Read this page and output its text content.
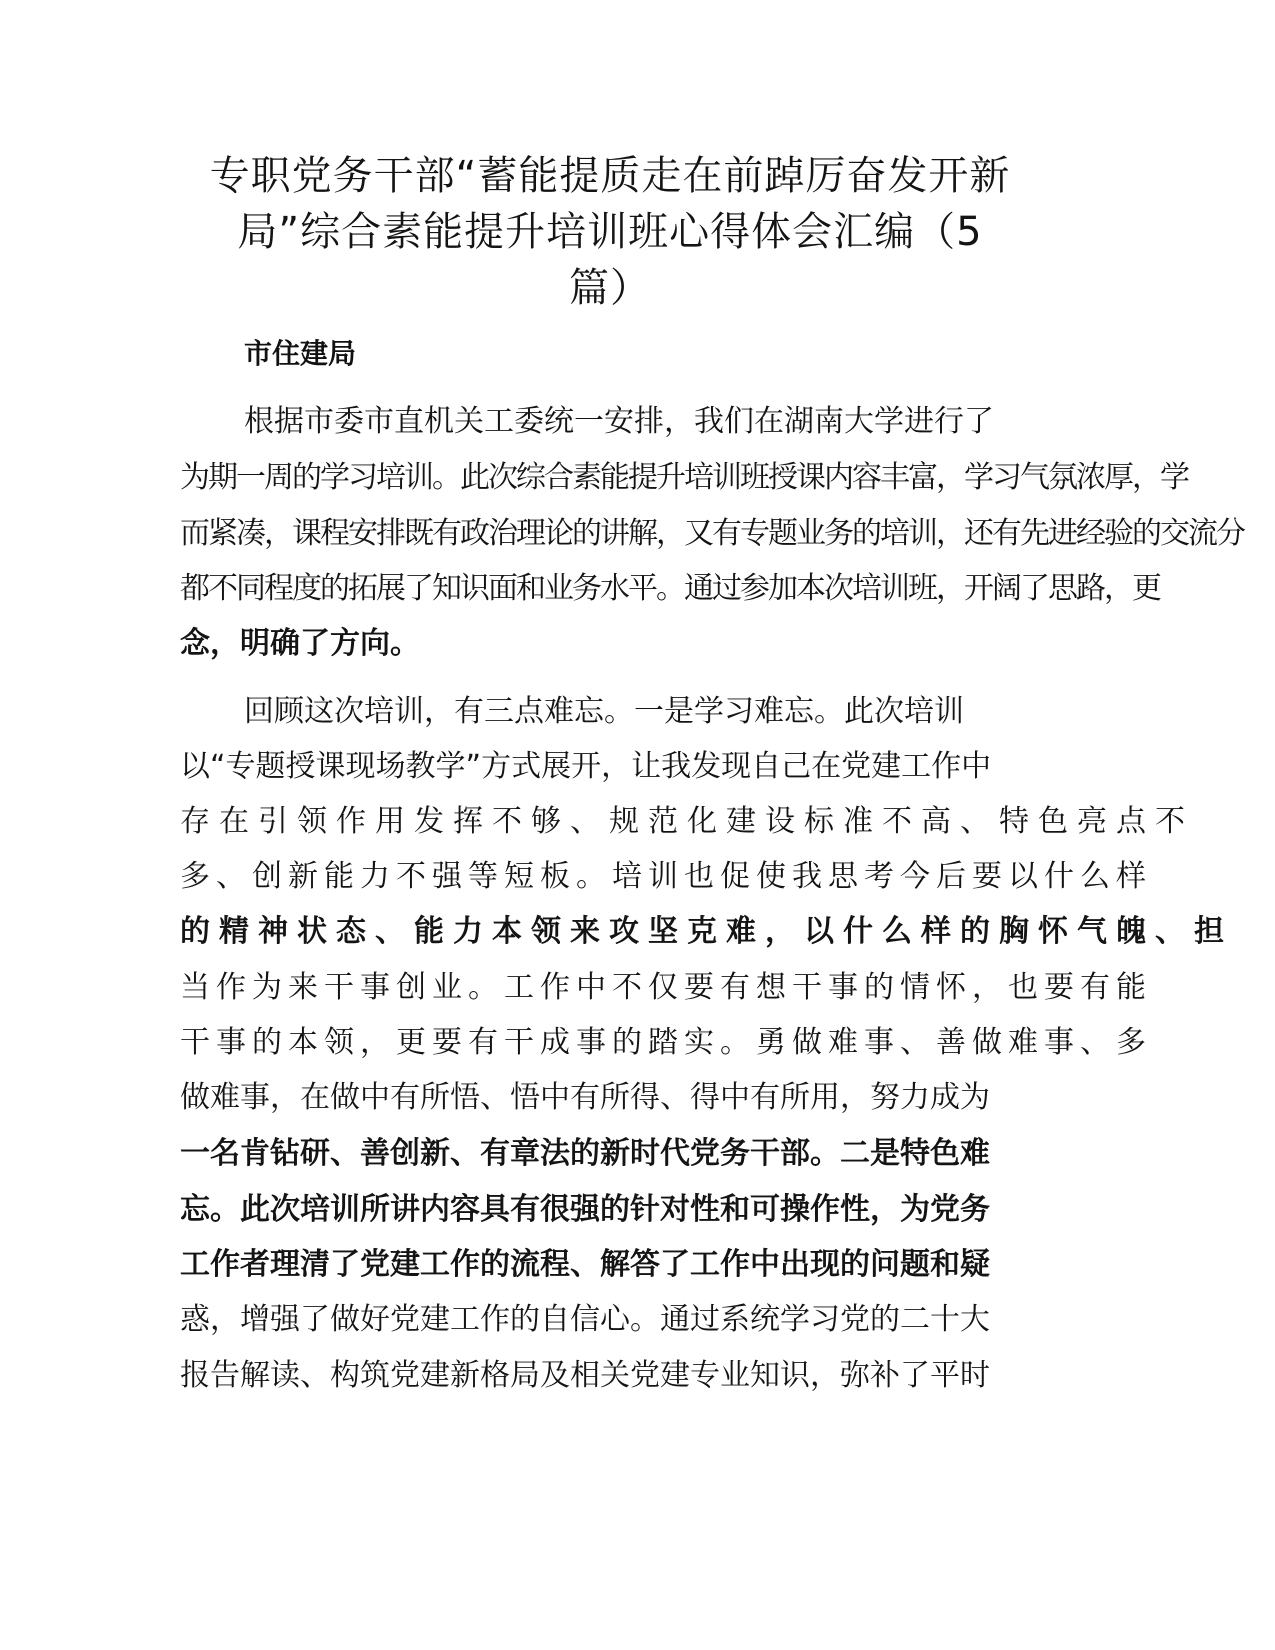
专职党务干部“蓄能提质走在前踔厉奋发开新
局”综合素能提升培训班心得体会汇编（5
篇）

市住建局

根据市委市直机关工委统一安排，我们在湖南大学进行了

为期一周的学习培训。此次综合素能提升培训班授课内容丰富，学习气氛浓厚，学

而紧凑，课程安排既有政治理论的讲解，又有专题业务的培训，还有先进经验的交流分

都不同程度的拓展了知识面和业务水平。通过参加本次培训班，开阔了思路，更

念，明确了方向。

回顾这次培训，有三点难忘。一是学习难忘。此次培训

以“专题授课现场教学”方式展开，让我发现自己在党建工作中

存在引领作用发挥不够、规范化建设标准不高、特色亮点不

多、创新能力不强等短板。培训也促使我思考今后要以什么样

的精神状态、能力本领来攻坚克难，以什么样的胸怀气魄、担

当作为来干事创业。工作中不仅要有想干事的情怀，也要有能

干事的本领，更要有干成事的踏实。勇做难事、善做难事、多

做难事，在做中有所悟、悟中有所得、得中有所用，努力成为

一名肯钻研、善创新、有章法的新时代党务干部。二是特色难

忘。此次培训所讲内容具有很强的针对性和可操作性，为党务

工作者理清了党建工作的流程、解答了工作中出现的问题和疑

惑，增强了做好党建工作的自信心。通过系统学习党的二十大

报告解读、构筑党建新格局及相关党建专业知识，弥补了平时
